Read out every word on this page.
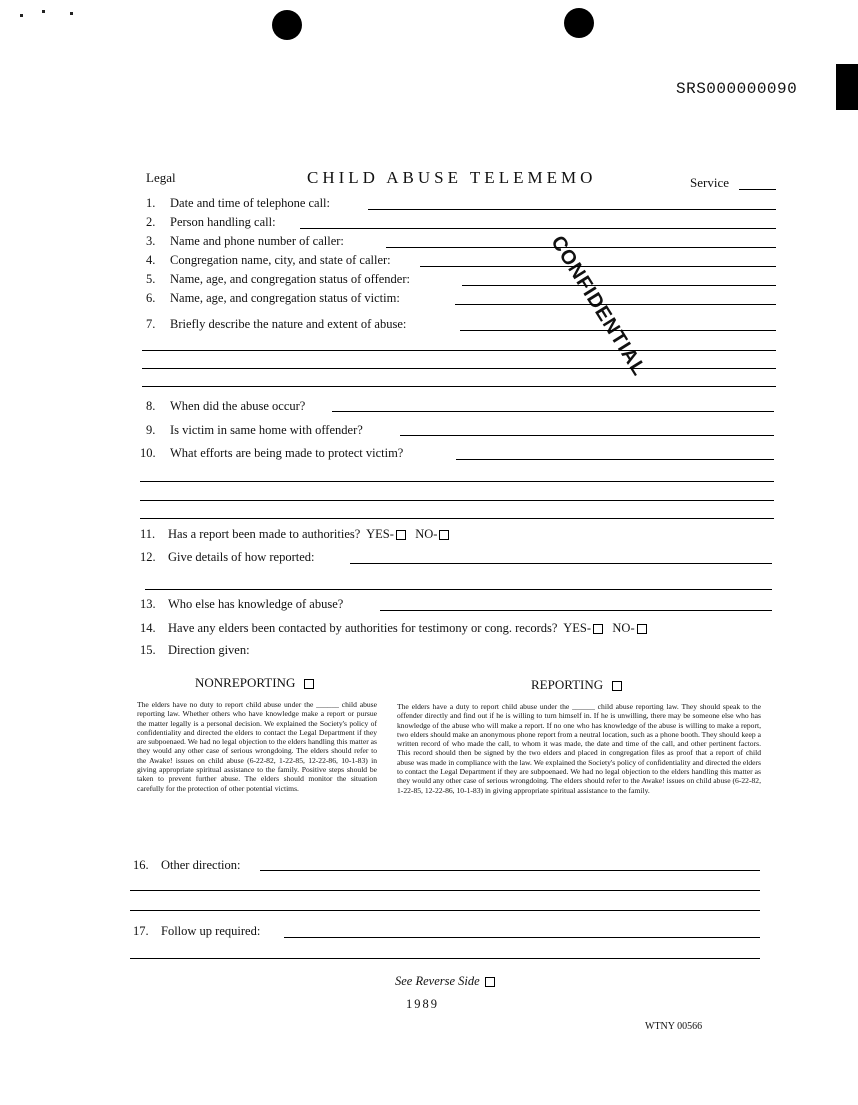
SRS000000090
Legal	CHILD ABUSE TELEMEMO	Service
CONFIDENTIAL
1. Date and time of telephone call:
2. Person handling call:
3. Name and phone number of caller:
4. Congregation name, city, and state of caller:
5. Name, age, and congregation status of offender:
6. Name, age, and congregation status of victim:
7. Briefly describe the nature and extent of abuse:
8. When did the abuse occur?
9. Is victim in same home with offender?
10. What efforts are being made to protect victim?
11. Has a report been made to authorities? YES- NO-
12. Give details of how reported:
13. Who else has knowledge of abuse?
14. Have any elders been contacted by authorities for testimony or cong. records? YES- NO-
15. Direction given:
NONREPORTING	REPORTING
The elders have no duty to report child abuse under the ______ child abuse reporting law. Whether others who have knowledge make a report or pursue the matter legally is a personal decision. We explained the Society's policy of confidentiality and directed the elders to contact the Legal Department if they are subpoenaed. We had no legal objection to the elders handling this matter as they would any other case of serious wrongdoing. The elders should refer to the Awake! issues on child abuse (6-22-82, 1-22-85, 12-22-86, 10-1-83) in giving appropriate spiritual assistance to the family. Positive steps should be taken to prevent further abuse. The elders should monitor the situation carefully for the protection of other potential victims.
The elders have a duty to report child abuse under the ______ child abuse reporting law. They should speak to the offender directly and find out if he is willing to turn himself in. If he is unwilling, there may be someone else who has knowledge of the abuse who will make a report. If no one who has knowledge of the abuse is willing to make a report, two elders should make an anonymous phone report from a neutral location, such as a phone booth. They should keep a written record of who made the call, to whom it was made, the date and time of the call, and other pertinent factors. This record should then be signed by the two elders and placed in congregation files as proof that a report of child abuse was made in compliance with the law. We explained the Society's policy of confidentiality and directed the elders to contact the Legal Department if they are subpoenaed. We had no legal objection to the elders handling this matter as they would any other case of serious wrongdoing. The elders should refer to the Awake! issues on child abuse (6-22-82, 1-22-85, 12-22-86, 10-1-83) in giving appropriate spiritual assistance to the family.
16. Other direction:
17. Follow up required:
See Reverse Side
1989
WTNY 00566
